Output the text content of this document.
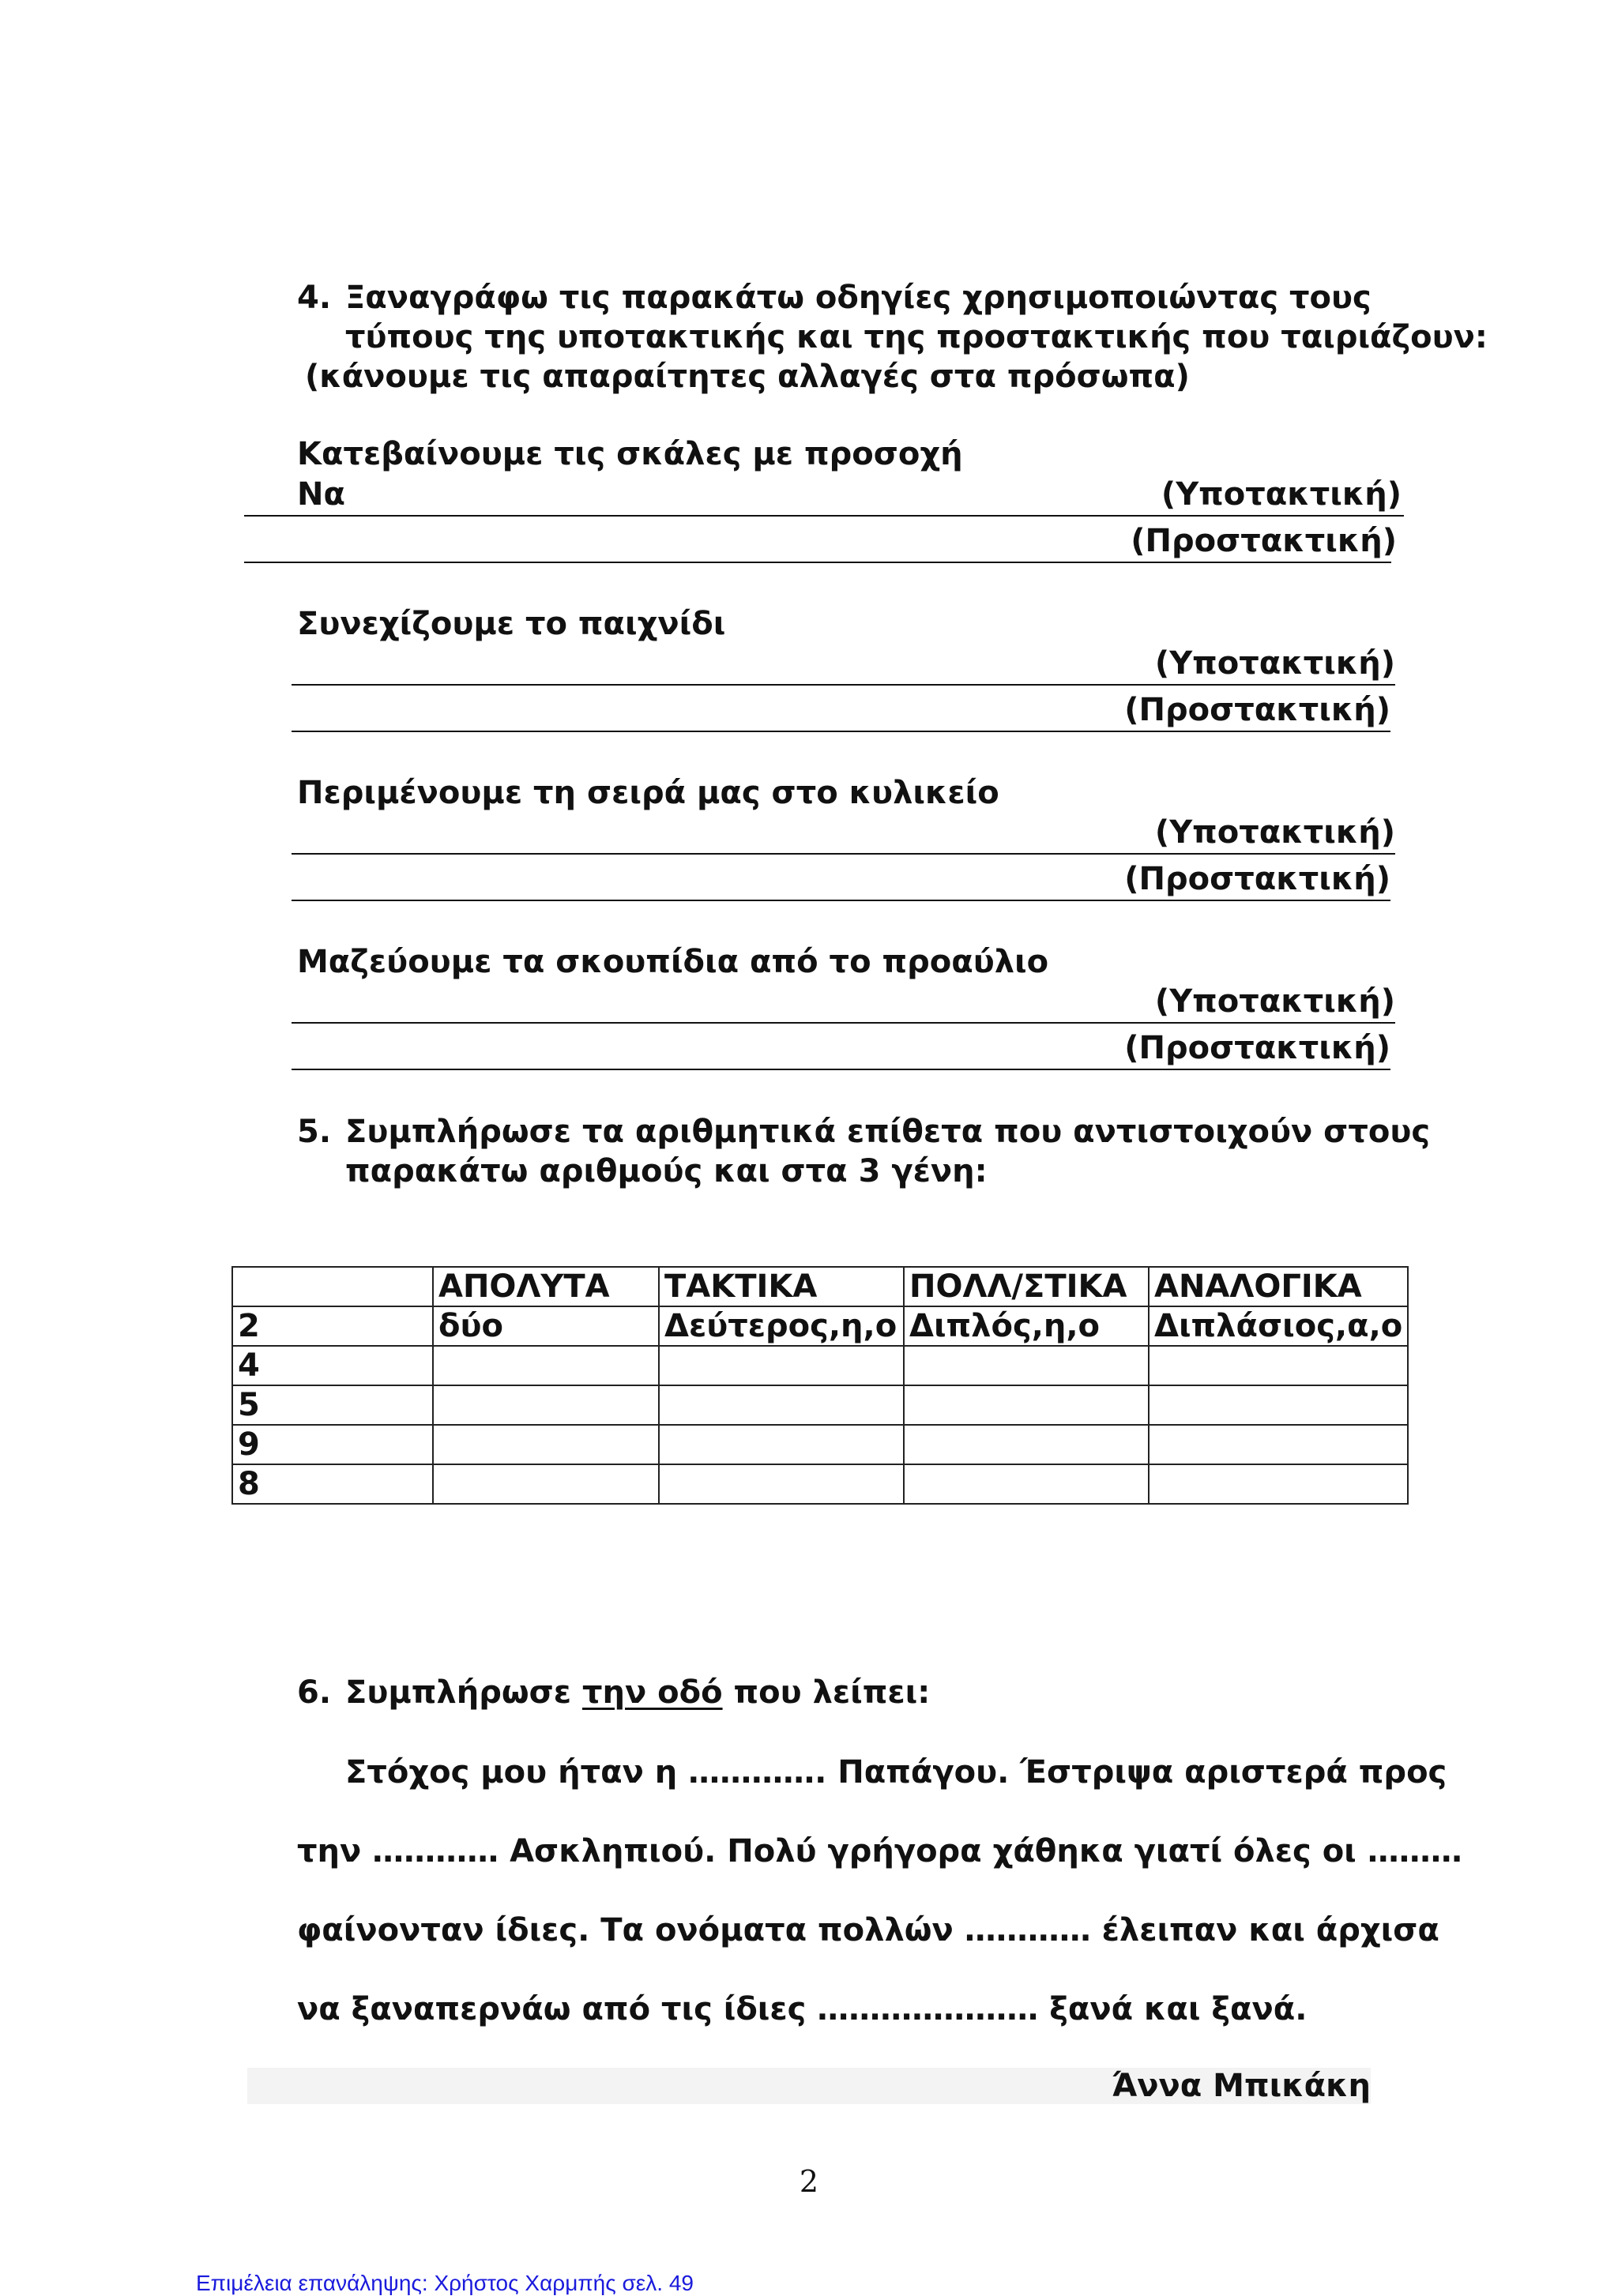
4. Ξαναγράφω τις παρακάτω οδηγίες χρησιμοποιώντας τους
τύπους της υποτακτικής και της προστακτικής που ταιριάζουν:
(κάνουμε τις απαραίτητες αλλαγές στα πρόσωπα)
Κατεβαίνουμε τις σκάλες με προσοχή
Να	(Υποτακτική)
(Προστακτική)
Συνεχίζουμε το παιχνίδι
(Υποτακτική)
(Προστακτική)
Περιμένουμε τη σειρά μας στο κυλικείο
(Υποτακτική)
(Προστακτική)
Μαζεύουμε τα σκουπίδια από το προαύλιο
(Υποτακτική)
(Προστακτική)
5. Συμπλήρωσε τα αριθμητικά επίθετα που αντιστοιχούν στους
παρακάτω αριθμούς και στα 3 γένη:
	ΑΠΟΛΥΤΑ	ΤΑΚΤΙΚΑ	ΠΟΛΛ/ΣΤΙΚΑ	ΑΝΑΛΟΓΙΚΑ
2	δύο	Δεύτερος,η,ο	Διπλός,η,ο	Διπλάσιος,α,ο
4				
5				
9				
8				
6. Συμπλήρωσε την οδό που λείπει:
Στόχος μου ήταν η …………. Παπάγου. Έστριψα αριστερά προς
την ………… Ασκληπιού. Πολύ γρήγορα χάθηκα γιατί όλες οι ………
φαίνονταν ίδιες. Τα ονόματα πολλών ………… έλειπαν και άρχισα
να ξαναπερνάω από τις ίδιες ………………… ξανά και ξανά.
Άννα Μπικάκη
2
Επιμέλεια επανάληψης: Χρήστος Χαρμπής σελ. 49
